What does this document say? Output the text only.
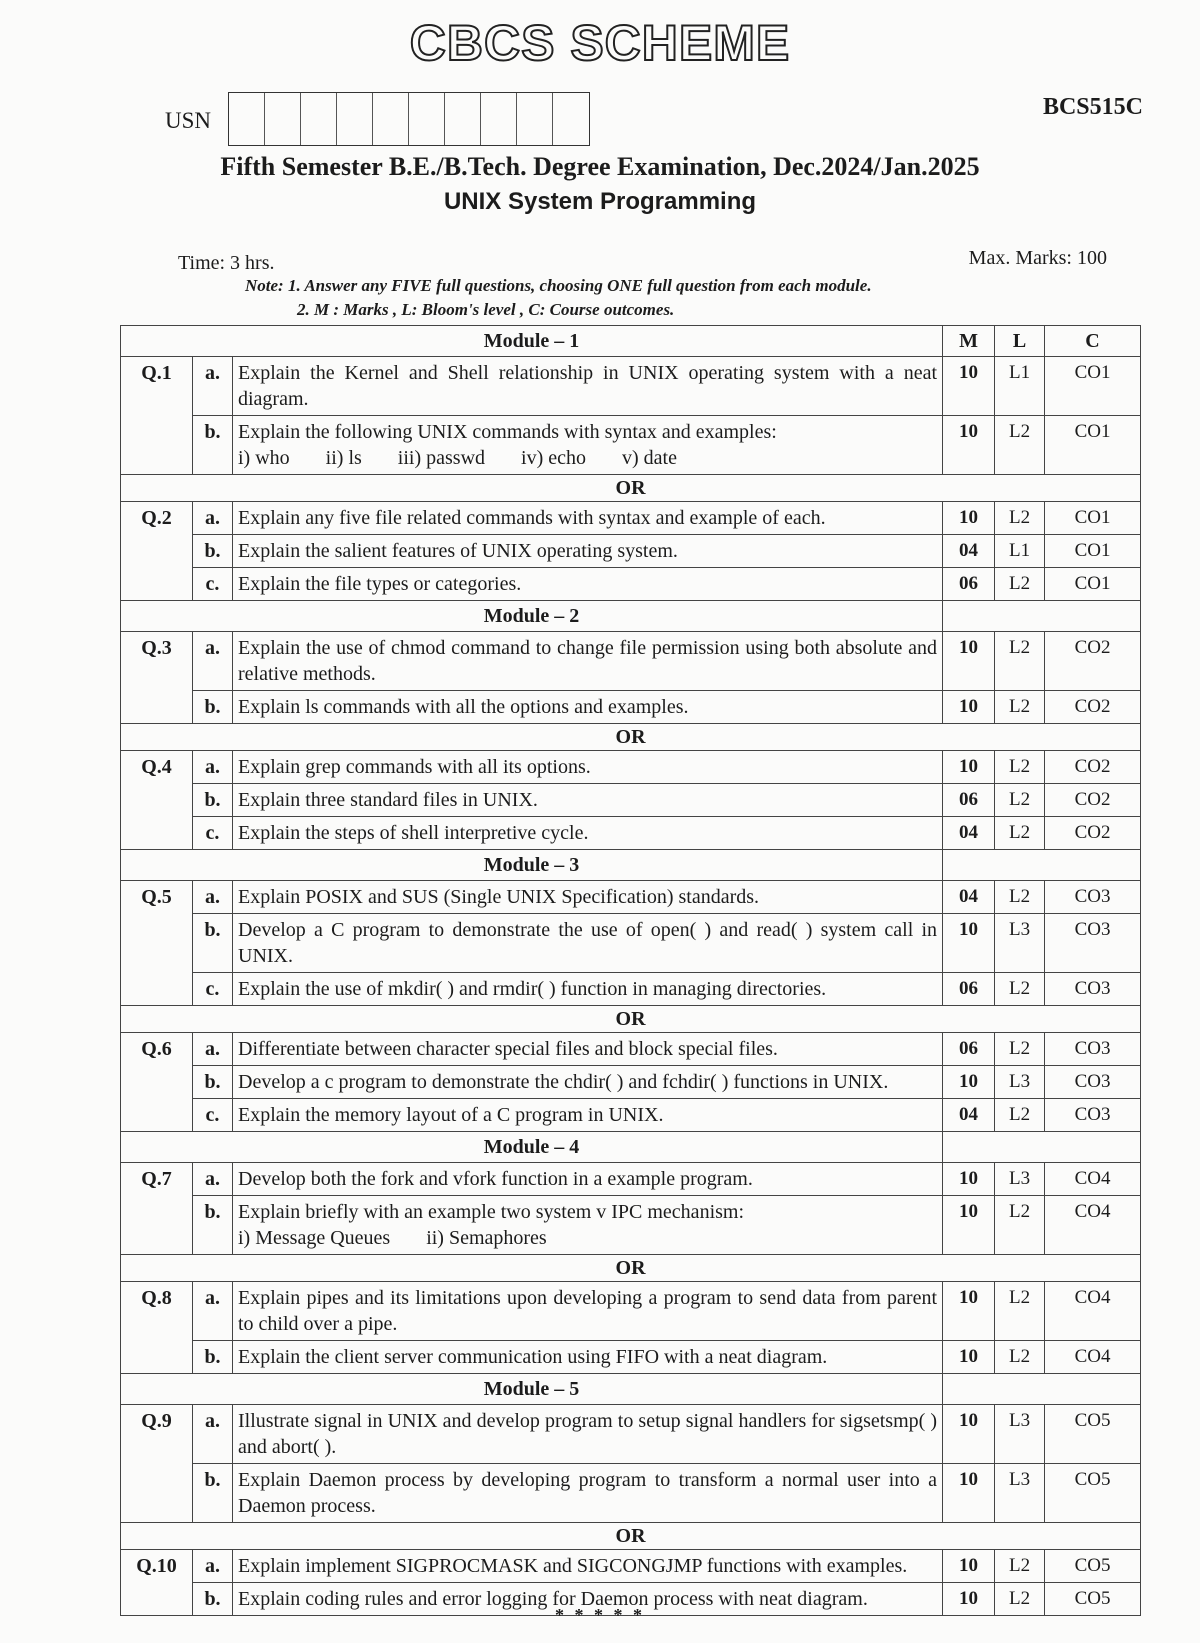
CBCS SCHEME
USN
BCS515C
Fifth Semester B.E./B.Tech. Degree Examination, Dec.2024/Jan.2025
UNIX System Programming
Time: 3 hrs.	Max. Marks: 100
Note: 1. Answer any FIVE full questions, choosing ONE full question from each module.
2. M : Marks , L: Bloom's level , C: Course outcomes.
Module – 1			M	L	C
Q.1	a.	Explain the Kernel and Shell relationship in UNIX operating system with a neat diagram.	10	L1	CO1
	b.	Explain the following UNIX commands with syntax and examples:
i) who ii) ls iii) passwd iv) echo v) date	10	L2	CO1
OR					
Q.2	a.	Explain any five file related commands with syntax and example of each.	10	L2	CO1
	b.	Explain the salient features of UNIX operating system.	04	L1	CO1
	c.	Explain the file types or categories.	06	L2	CO1
Module – 2					
Q.3	a.	Explain the use of chmod command to change file permission using both absolute and relative methods.	10	L2	CO2
	b.	Explain ls commands with all the options and examples.	10	L2	CO2
OR					
Q.4	a.	Explain grep commands with all its options.	10	L2	CO2
	b.	Explain three standard files in UNIX.	06	L2	CO2
	c.	Explain the steps of shell interpretive cycle.	04	L2	CO2
Module – 3					
Q.5	a.	Explain POSIX and SUS (Single UNIX Specification) standards.	04	L2	CO3
	b.	Develop a C program to demonstrate the use of open( ) and read( ) system call in UNIX.	10	L3	CO3
	c.	Explain the use of mkdir( ) and rmdir( ) function in managing directories.	06	L2	CO3
OR					
Q.6	a.	Differentiate between character special files and block special files.	06	L2	CO3
	b.	Develop a c program to demonstrate the chdir( ) and fchdir( ) functions in UNIX.	10	L3	CO3
	c.	Explain the memory layout of a C program in UNIX.	04	L2	CO3
Module – 4					
Q.7	a.	Develop both the fork and vfork function in a example program.	10	L3	CO4
	b.	Explain briefly with an example two system v IPC mechanism:
i) Message Queues ii) Semaphores	10	L2	CO4
OR					
Q.8	a.	Explain pipes and its limitations upon developing a program to send data from parent to child over a pipe.	10	L2	CO4
	b.	Explain the client server communication using FIFO with a neat diagram.	10	L2	CO4
Module – 5					
Q.9	a.	Illustrate signal in UNIX and develop program to setup signal handlers for sigsetsmp( ) and abort( ).	10	L3	CO5
	b.	Explain Daemon process by developing program to transform a normal user into a Daemon process.	10	L3	CO5
OR					
Q.10	a.	Explain implement SIGPROCMASK and SIGCONGJMP functions with examples.	10	L2	CO5
	b.	Explain coding rules and error logging for Daemon process with neat diagram.	10	L2	CO5
* * * * *
